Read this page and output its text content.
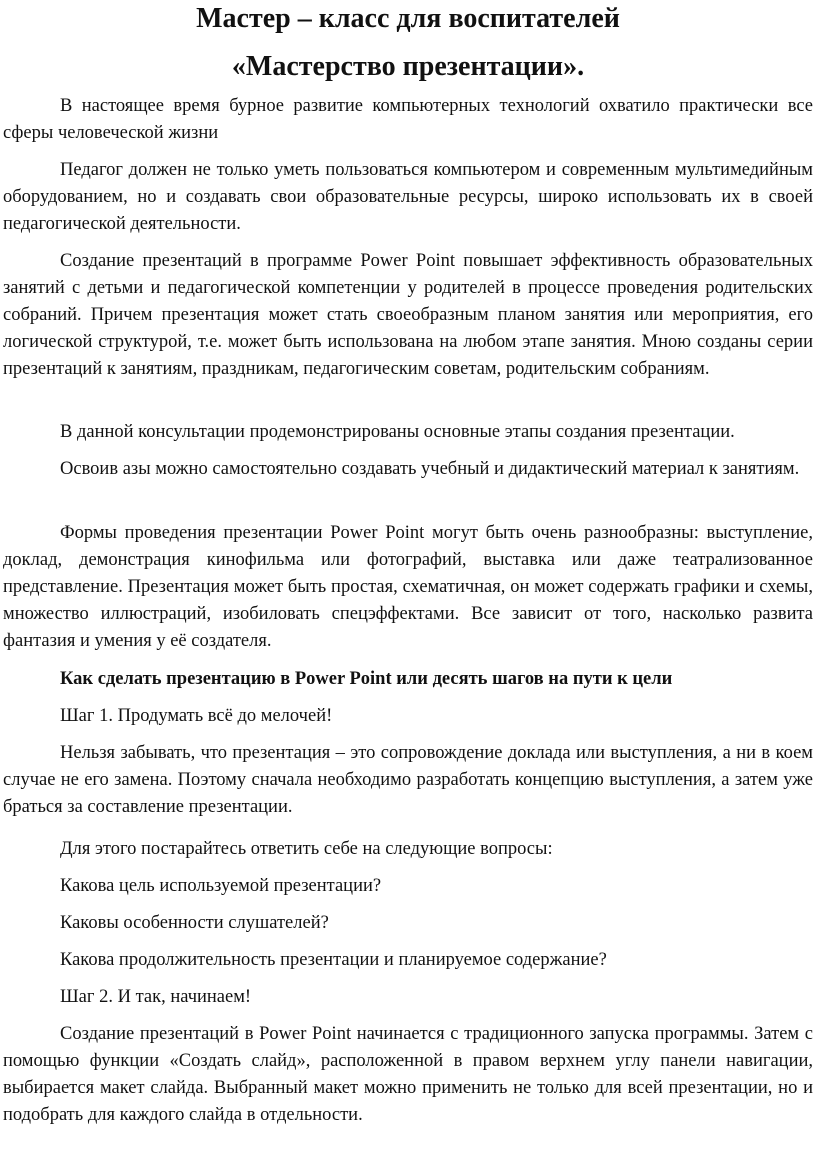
Мастер – класс для воспитателей
«Мастерство презентации».

В настоящее время бурное развитие компьютерных технологий охватило практически все сферы человеческой жизни

Педагог должен не только уметь пользоваться компьютером и современным мультимедийным оборудованием, но и создавать свои образовательные ресурсы, широко использовать их в своей педагогической деятельности.

Создание презентаций в программе Power Point повышает эффективность образовательных занятий с детьми и педагогической компетенции у родителей в процессе проведения родительских собраний. Причем презентация может стать своеобразным планом занятия или мероприятия, его логической структурой, т.е. может быть использована на любом этапе занятия. Мною созданы серии презентаций к занятиям, праздникам, педагогическим советам, родительским собраниям.

В данной консультации продемонстрированы основные этапы создания презентации.

Освоив азы можно самостоятельно создавать учебный и дидактический материал к занятиям.

Формы проведения презентации Power Point могут быть очень разнообразны: выступление, доклад, демонстрация кинофильма или фотографий, выставка или даже театрализованное представление. Презентация может быть простая, схематичная, он может содержать графики и схемы, множество иллюстраций, изобиловать спецэффектами. Все зависит от того, насколько развита фантазия и умения у её создателя.

Как сделать презентацию в Power Point или десять шагов на пути к цели

Шаг 1. Продумать всё до мелочей!

Нельзя забывать, что презентация – это сопровождение доклада или выступления, а ни в коем случае не его замена. Поэтому сначала необходимо разработать концепцию выступления, а затем уже браться за составление презентации.

Для этого постарайтесь ответить себе на следующие вопросы:

Какова цель используемой презентации?

Каковы особенности слушателей?

Какова продолжительность презентации и планируемое содержание?

Шаг 2. И так, начинаем!

Создание презентаций в Power Point начинается с традиционного запуска программы. Затем с помощью функции «Создать слайд», расположенной в правом верхнем углу панели навигации, выбирается макет слайда. Выбранный макет можно применить не только для всей презентации, но и подобрать для каждого слайда в отдельности.
